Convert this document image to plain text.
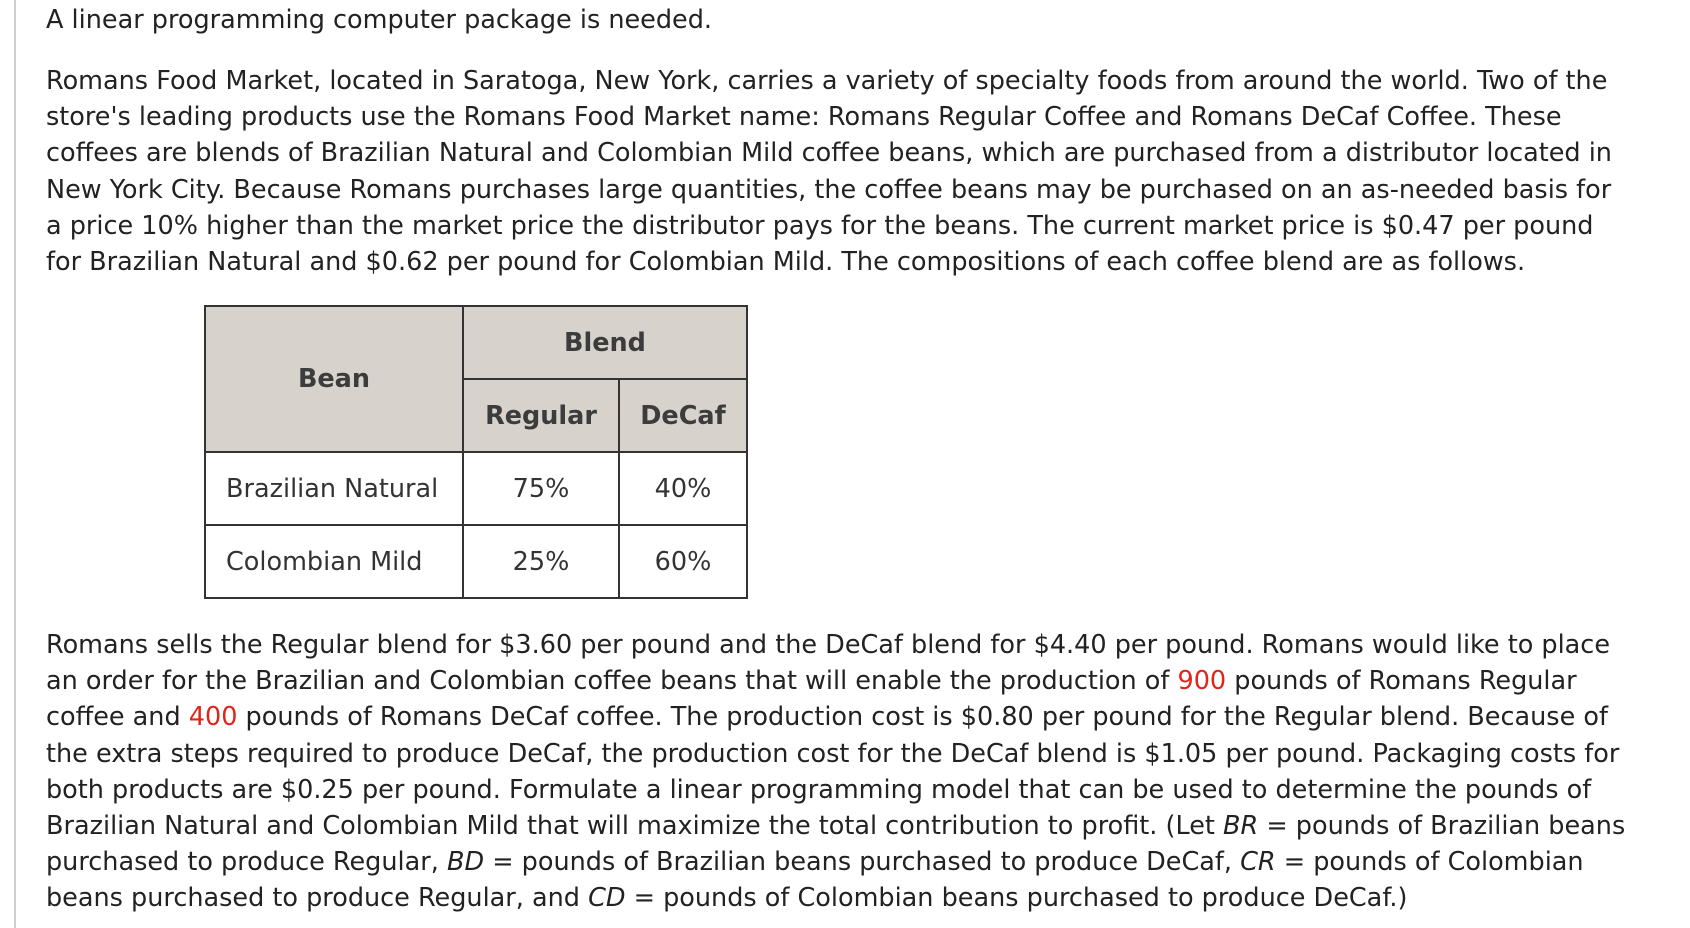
A linear programming computer package is needed.
Romans Food Market, located in Saratoga, New York, carries a variety of specialty foods from around the world. Two of the
store's leading products use the Romans Food Market name: Romans Regular Coffee and Romans DeCaf Coffee. These
coffees are blends of Brazilian Natural and Colombian Mild coffee beans, which are purchased from a distributor located in
New York City. Because Romans purchases large quantities, the coffee beans may be purchased on an as-needed basis for
a price 10% higher than the market price the distributor pays for the beans. The current market price is $0.47 per pound
for Brazilian Natural and $0.62 per pound for Colombian Mild. The compositions of each coffee blend are as follows.
Bean	Blend	
	Regular	DeCaf
Brazilian Natural	75%	40%
Colombian Mild	25%	60%
Romans sells the Regular blend for $3.60 per pound and the DeCaf blend for $4.40 per pound. Romans would like to place
an order for the Brazilian and Colombian coffee beans that will enable the production of 900 pounds of Romans Regular
coffee and 400 pounds of Romans DeCaf coffee. The production cost is $0.80 per pound for the Regular blend. Because of
the extra steps required to produce DeCaf, the production cost for the DeCaf blend is $1.05 per pound. Packaging costs for
both products are $0.25 per pound. Formulate a linear programming model that can be used to determine the pounds of
Brazilian Natural and Colombian Mild that will maximize the total contribution to profit. (Let BR = pounds of Brazilian beans
purchased to produce Regular, BD = pounds of Brazilian beans purchased to produce DeCaf, CR = pounds of Colombian
beans purchased to produce Regular, and CD = pounds of Colombian beans purchased to produce DeCaf.)
